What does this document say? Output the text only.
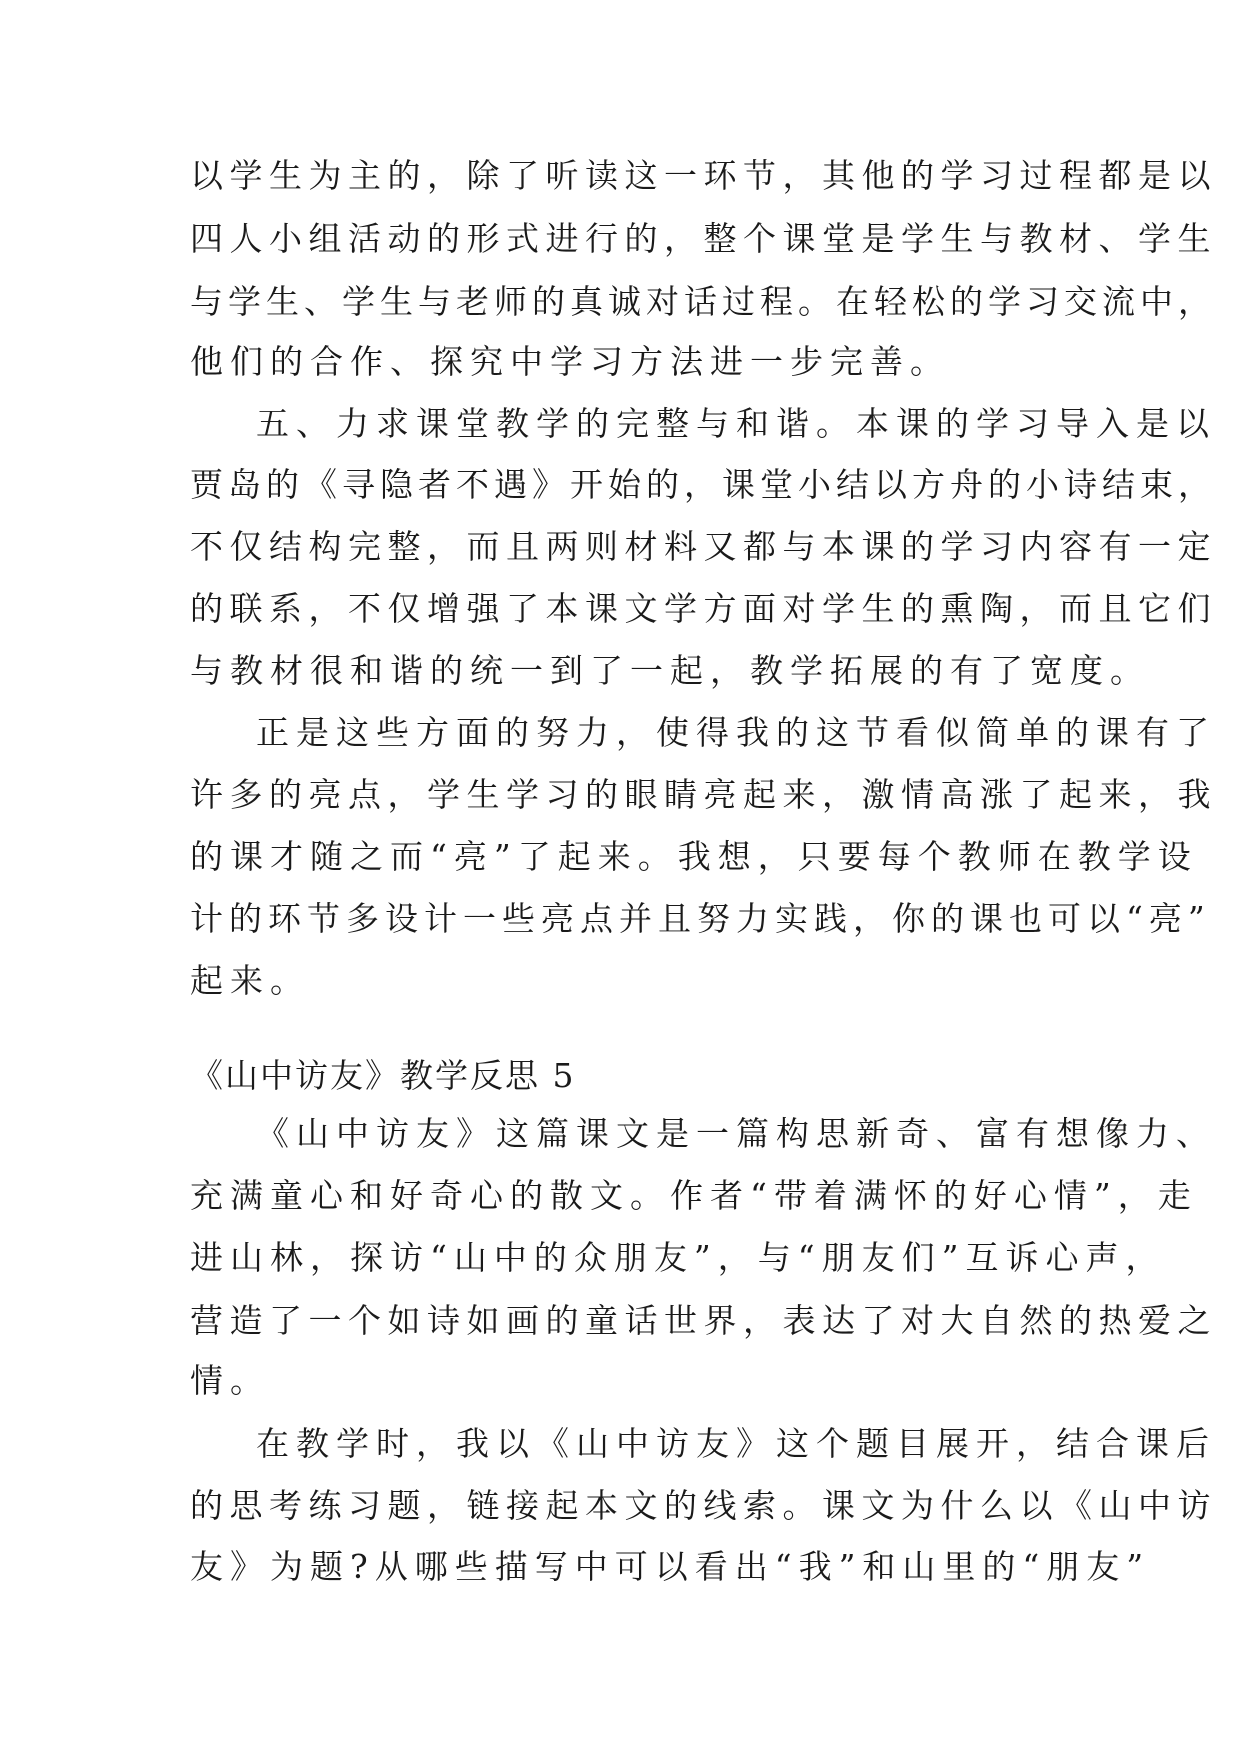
以学生为主的，除了听读这一环节，其他的学习过程都是以
四人小组活动的形式进行的，整个课堂是学生与教材、学生
与学生、学生与老师的真诚对话过程。在轻松的学习交流中，
他们的合作、探究中学习方法进一步完善。
五、力求课堂教学的完整与和谐。本课的学习导入是以
贾岛的《寻隐者不遇》开始的，课堂小结以方舟的小诗结束，
不仅结构完整，而且两则材料又都与本课的学习内容有一定
的联系，不仅增强了本课文学方面对学生的熏陶，而且它们
与教材很和谐的统一到了一起，教学拓展的有了宽度。
正是这些方面的努力，使得我的这节看似简单的课有了
许多的亮点，学生学习的眼睛亮起来，激情高涨了起来，我
的课才随之而“亮”了起来。我想，只要每个教师在教学设
计的环节多设计一些亮点并且努力实践，你的课也可以“亮”
起来。
《山中访友》教学反思 5
《山中访友》这篇课文是一篇构思新奇、富有想像力、
充满童心和好奇心的散文。作者“带着满怀的好心情”，走
进山林，探访“山中的众朋友”，与“朋友们”互诉心声，
营造了一个如诗如画的童话世界，表达了对大自然的热爱之
情。
在教学时，我以《山中访友》这个题目展开，结合课后
的思考练习题，链接起本文的线索。课文为什么以《山中访
友》为题?从哪些描写中可以看出“我”和山里的“朋友”
